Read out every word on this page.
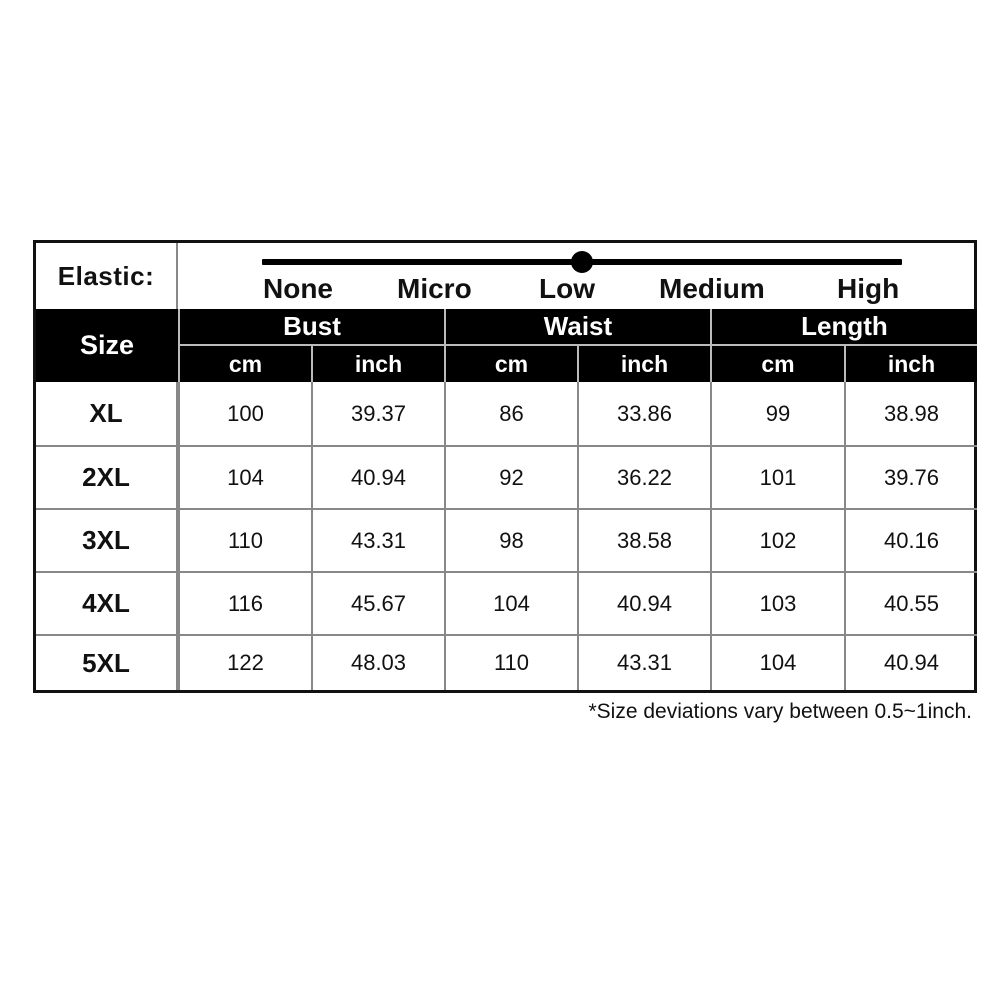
Elastic:	None Micro Low Medium	High
Size
Bust	Waist	Length
cm	inch	cm	inch	cm	inch
XL	100	39.37	86	33.86	99	38.98
2XL	104	40.94	92	36.22	101	39.76
3XL	110	43.31	98	38.58	102	40.16
4XL	116	45.67	104	40.94	103	40.55
5XL	122	48.03	110	43.31	104	40.94
*Size deviations vary between 0.5~1inch.
